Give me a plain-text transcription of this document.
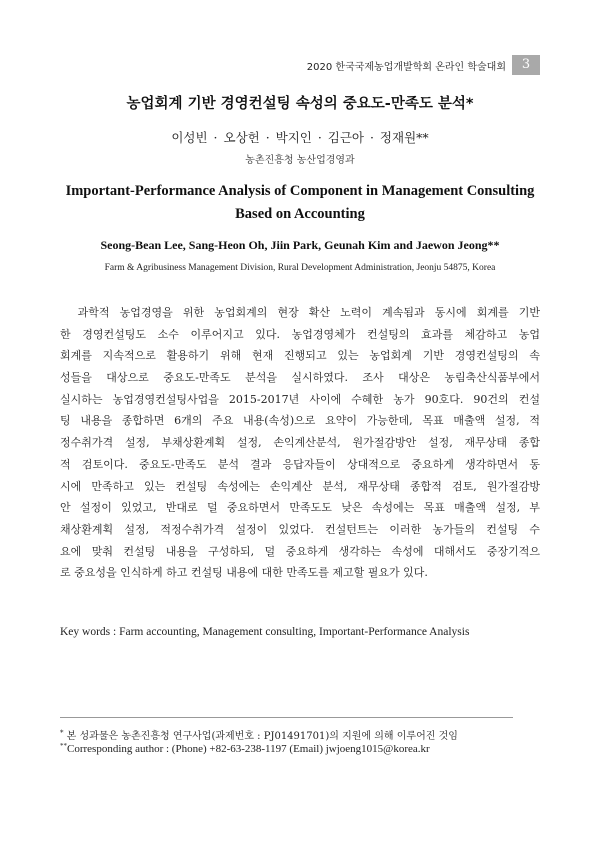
2020 한국국제농업개발학회 온라인 학술대회	3
농업회계 기반 경영컨설팅 속성의 중요도-만족도 분석*
이성빈 · 오상헌 · 박지인 · 김근아 · 정재원**
농촌진흥청 농산업경영과
Important-Performance Analysis of Component in Management Consulting
Based on Accounting
Seong-Bean Lee, Sang-Heon Oh, Jiin Park, Geunah Kim and Jaewon Jeong**
Farm & Agribusiness Management Division, Rural Development Administration, Jeonju 54875, Korea
　과학적 농업경영을 위한 농업회계의 현장 확산 노력이 계속됨과 동시에 회계를 기반
한 경영컨설팅도 소수 이루어지고 있다. 농업경영체가 컨설팅의 효과를 체감하고 농업
회계를 지속적으로 활용하기 위해 현재 진행되고 있는 농업회계 기반 경영컨설팅의 속
성들을 대상으로 중요도-만족도 분석을 실시하였다. 조사 대상은 농림축산식품부에서
실시하는 농업경영컨설팅사업을 2015-2017년 사이에 수혜한 농가 90호다. 90건의 컨설
팅 내용을 종합하면 6개의 주요 내용(속성)으로 요약이 가능한데, 목표 매출액 설정, 적
정수취가격 설정, 부채상환계획 설정, 손익계산분석, 원가절감방안 설정, 재무상태 종합
적 검토이다. 중요도-만족도 분석 결과 응답자들이 상대적으로 중요하게 생각하면서 동
시에 만족하고 있는 컨설팅 속성에는 손익계산 분석, 재무상태 종합적 검토, 원가절감방
안 설정이 있었고, 반대로 덜 중요하면서 만족도도 낮은 속성에는 목표 매출액 설정, 부
채상환계획 설정, 적정수취가격 설정이 있었다. 컨설턴트는 이러한 농가들의 컨설팅 수
요에 맞춰 컨설팅 내용을 구성하되, 덜 중요하게 생각하는 속성에 대해서도 중장기적으
로 중요성을 인식하게 하고 컨설팅 내용에 대한 만족도를 제고할 필요가 있다.
Key words : Farm accounting, Management consulting, Important-Performance Analysis
* 본 성과물은 농촌진흥청 연구사업(과제번호 : PJ01491701)의 지원에 의해 이루어진 것임
**Corresponding author : (Phone) +82-63-238-1197 (Email) jwjoeng1015@korea.kr
